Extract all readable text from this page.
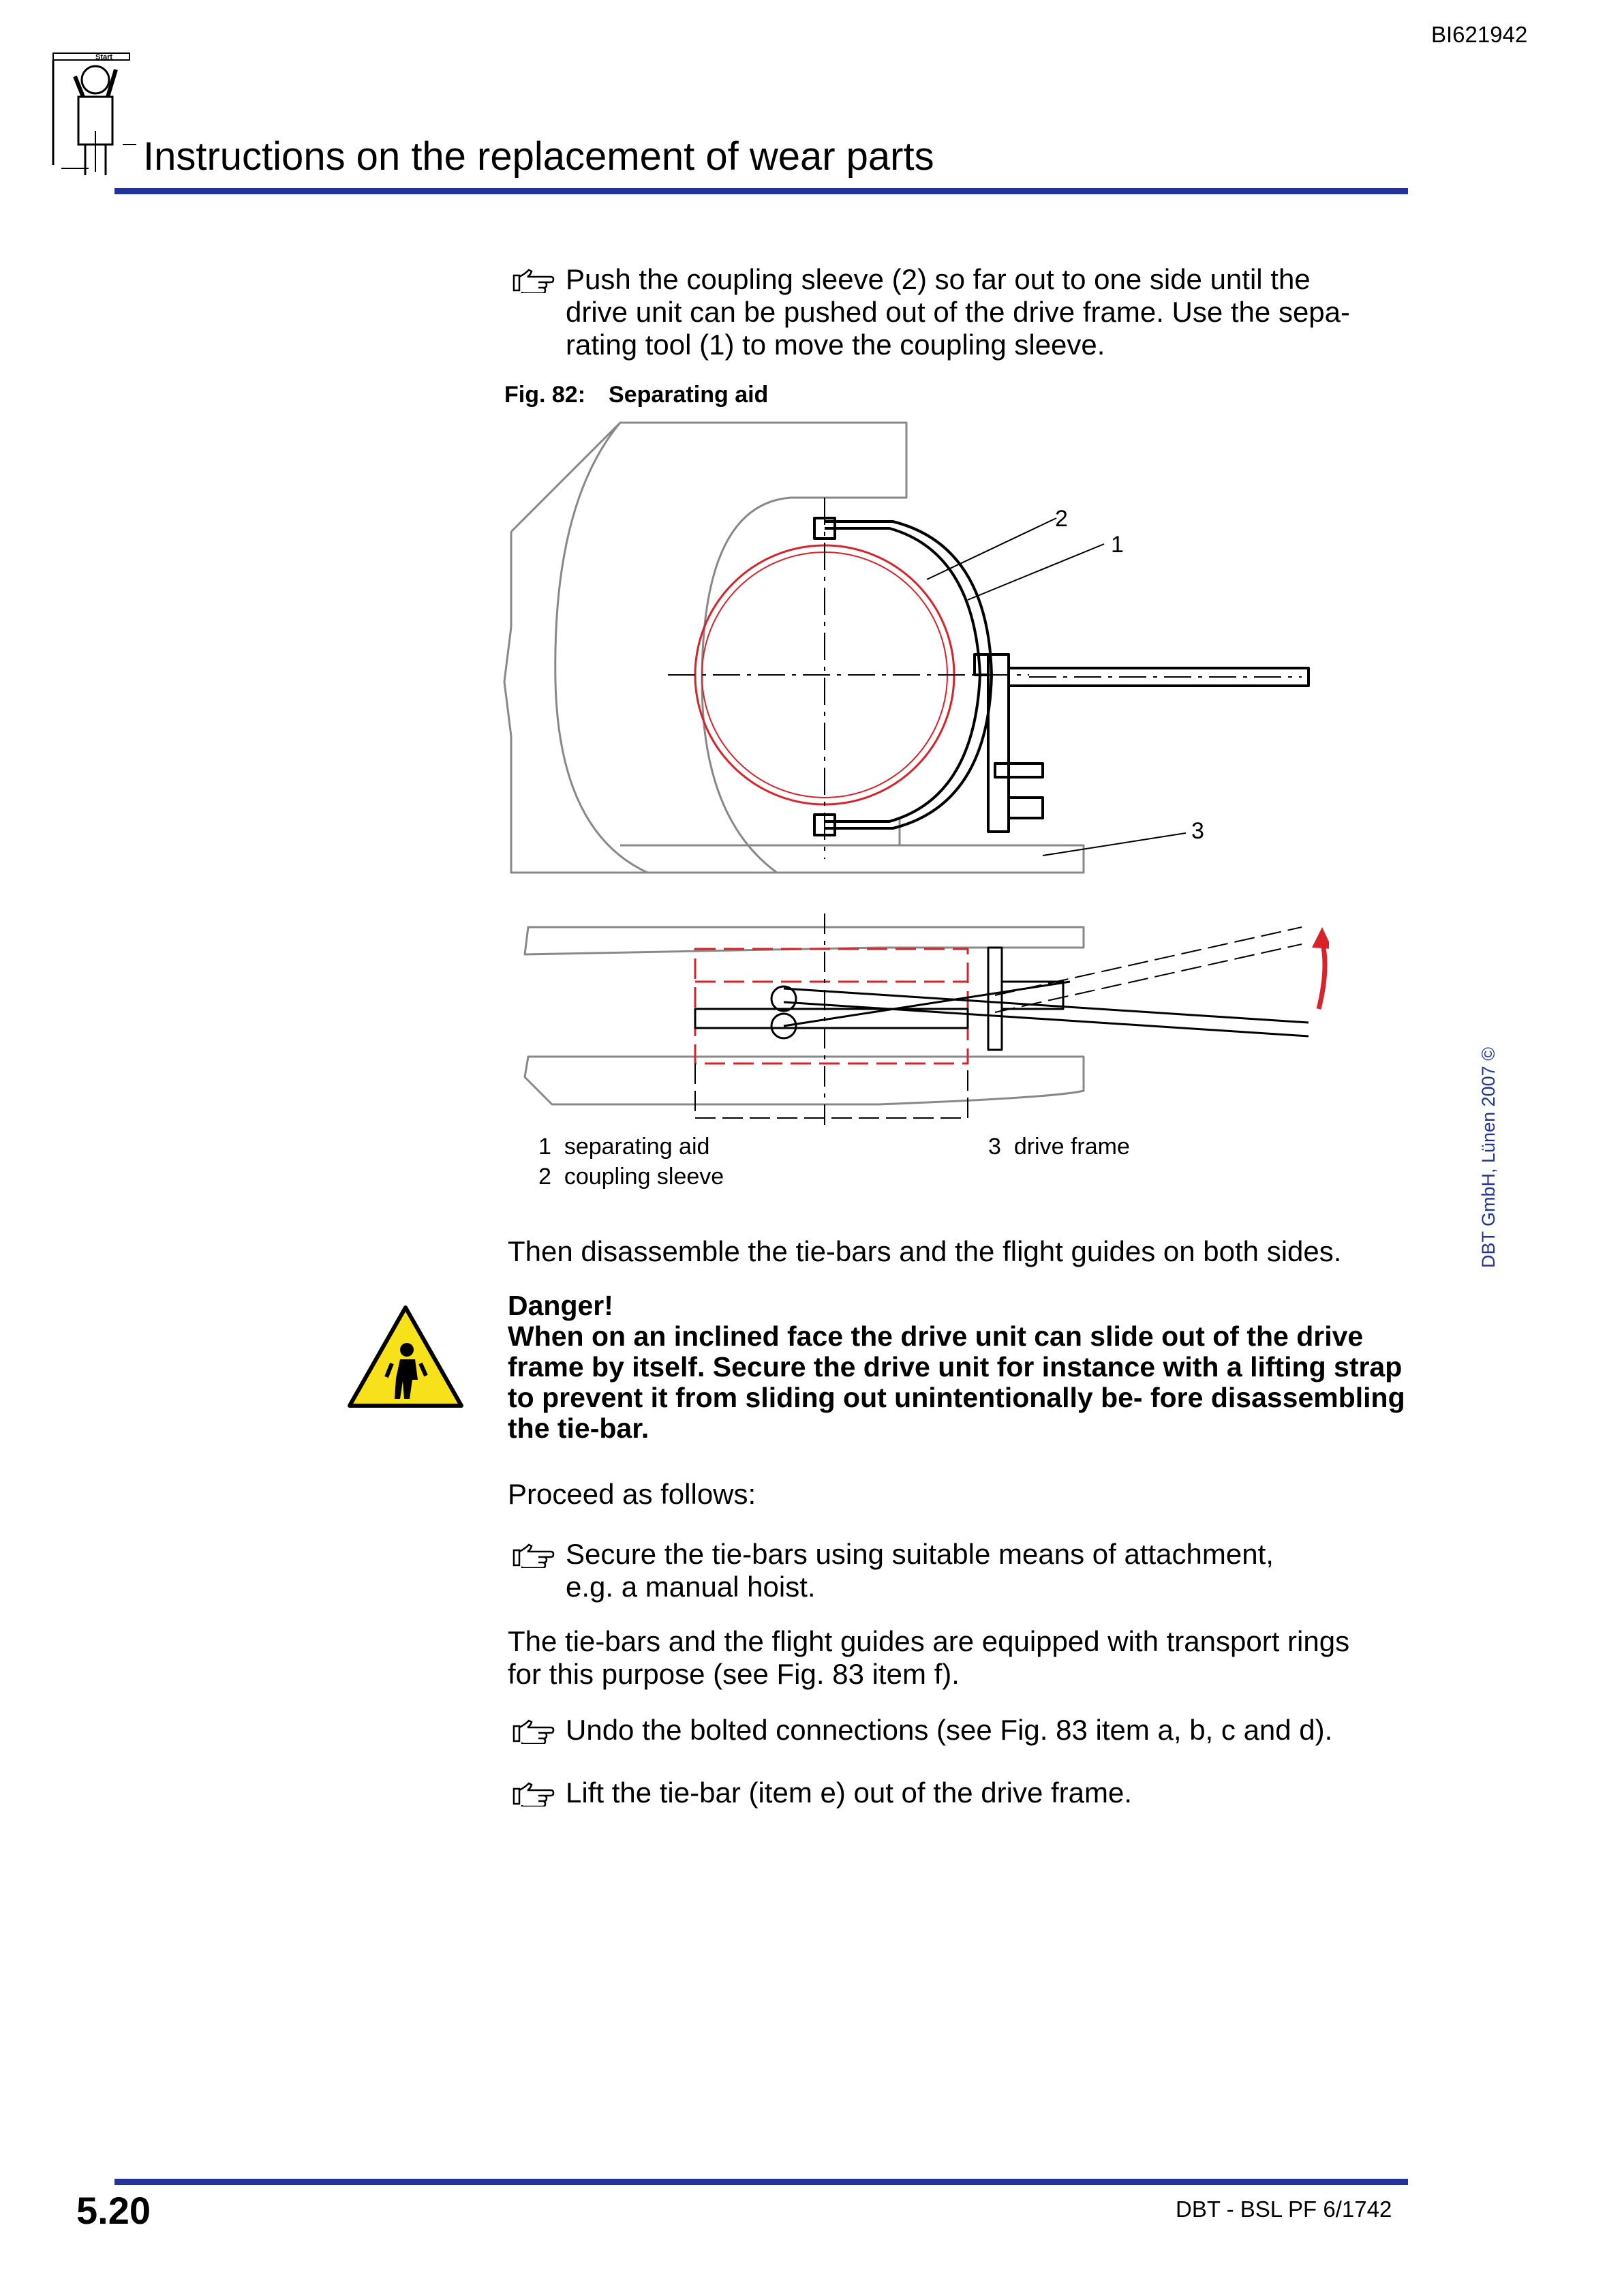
BI621942
Start
Instructions on the replacement of wear parts
Push the coupling sleeve (2) so far out to one side until the
drive unit can be pushed out of the drive frame. Use the sepa-
rating tool (1) to move the coupling sleeve.
Fig. 82: Separating aid
2
1
3
1 separating aid
2 coupling sleeve
3 drive frame
Then disassemble the tie-bars and the flight guides on both sides.

Danger!

When on an inclined face the drive unit can slide out of the drive frame by itself. Secure the drive unit for instance with a lifting strap to prevent it from sliding out unintentionally be- fore disassembling the tie-bar.

Proceed as follows:
Secure the tie-bars using suitable means of attachment,
e.g. a manual hoist.
The tie-bars and the flight guides are equipped with transport rings
for this purpose (see Fig. 83 item f).
Undo the bolted connections (see Fig. 83 item a, b, c and d).
Lift the tie-bar (item e) out of the drive frame.
DBT GmbH, Lünen 2007 ©
5.20	DBT - BSL PF 6/1742
